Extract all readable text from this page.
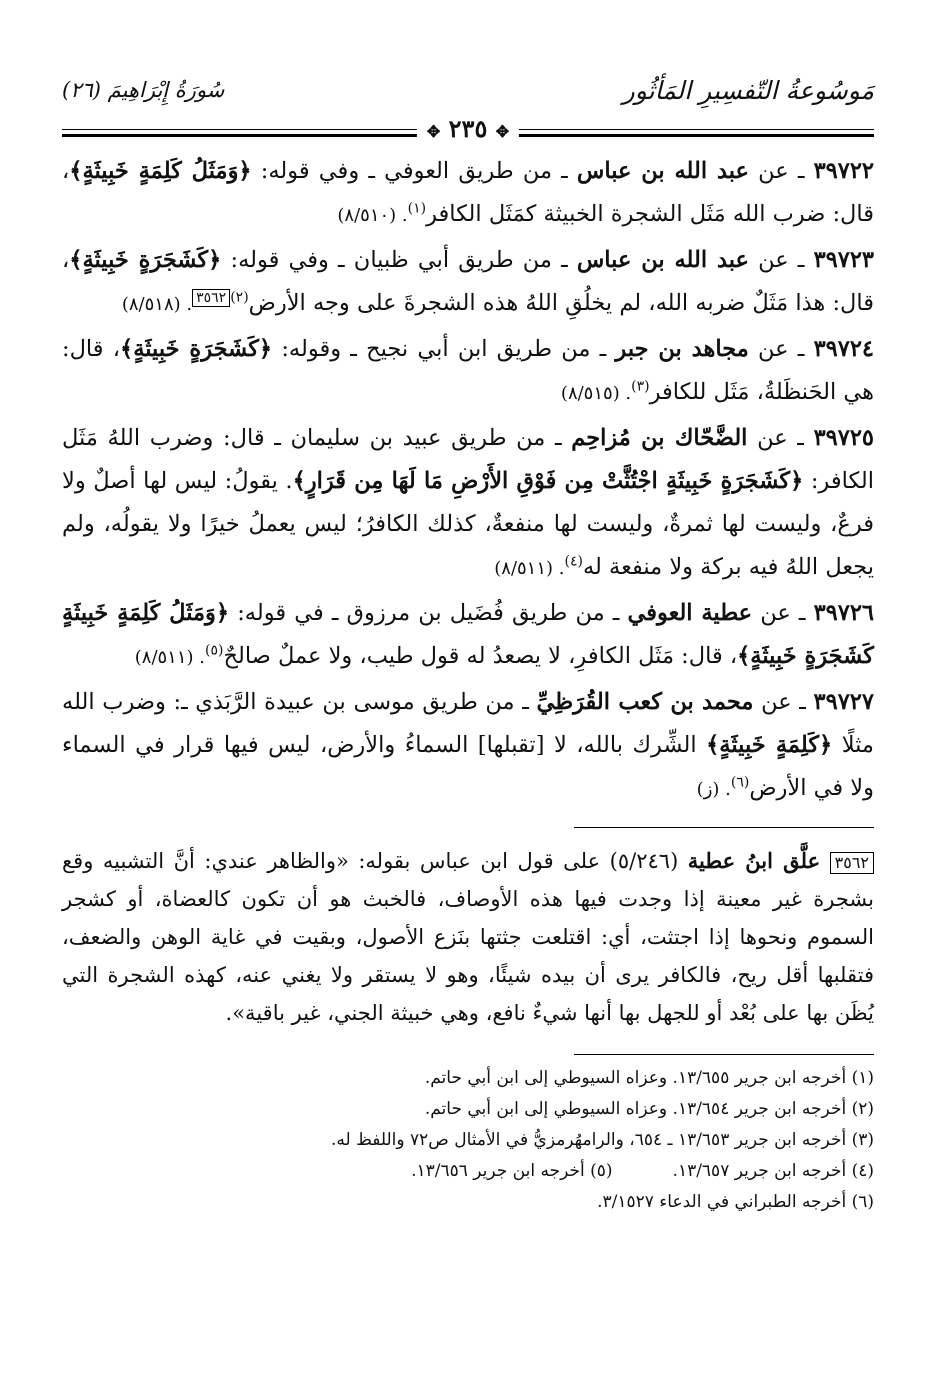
مَوسُوعةُ التّفسِيرِ المَأثُور
سُورَةُ إِبْرَاهِيمَ (٢٦)
✥ ٢٣٥ ✥

٣٩٧٢٢ ـ عن عبد الله بن عباس ـ من طريق العوفي ـ وفي قوله: ﴿وَمَثَلُ كَلِمَةٍ خَبِيثَةٍ﴾، قال: ضرب الله مَثَل الشجرة الخبيثة كمَثَل الكافر$^{(١)}$. (٨/٥١٠)

٣٩٧٢٣ ـ عن عبد الله بن عباس ـ من طريق أبي ظبيان ـ وفي قوله: ﴿كَشَجَرَةٍ خَبِيثَةٍ﴾، قال: هذا مَثَلٌ ضربه الله، لم يخلُقِ اللهُ هذه الشجرةَ على وجه الأرض$^{(٢)}$٣٥٦٢. (٨/٥١٨)

٣٩٧٢٤ ـ عن مجاهد بن جبر ـ من طريق ابن أبي نجيح ـ وقوله: ﴿كَشَجَرَةٍ خَبِيثَةٍ﴾، قال: هي الحَنظَلةُ، مَثَل للكافر$^{(٣)}$. (٨/٥١٥)

٣٩٧٢٥ ـ عن الضَّحّاك بن مُزاحِم ـ من طريق عبيد بن سليمان ـ قال: وضرب اللهُ مَثَل الكافر: ﴿كَشَجَرَةٍ خَبِيثَةٍ اجْتُثَّتْ مِن فَوْقِ الأَرْضِ مَا لَهَا مِن قَرَارٍ﴾. يقولُ: ليس لها أصلٌ ولا فرعٌ، وليست لها ثمرةٌ، وليست لها منفعةٌ، كذلك الكافرُ؛ ليس يعملُ خيرًا ولا يقولُه، ولم يجعل اللهُ فيه بركة ولا منفعة له$^{(٤)}$. (٨/٥١١)

٣٩٧٢٦ ـ عن عطية العوفي ـ من طريق فُضَيل بن مرزوق ـ في قوله: ﴿وَمَثَلُ كَلِمَةٍ خَبِيثَةٍ كَشَجَرَةٍ خَبِيثَةٍ﴾، قال: مَثَل الكافرِ، لا يصعدُ له قول طيب، ولا عملٌ صالحٌ$^{(٥)}$. (٨/٥١١)

٣٩٧٢٧ ـ عن محمد بن كعب القُرَظِيِّ ـ من طريق موسى بن عبيدة الرَّبَذي ـ: وضرب الله مثلًا ﴿كَلِمَةٍ خَبِيثَةٍ﴾ الشِّرك بالله، لا [تقبلها] السماءُ والأرض، ليس فيها قرار في السماء ولا في الأرض$^{(٦)}$. (ز)

٣٥٦٢ علَّق ابنُ عطية (٥/٢٤٦) على قول ابن عباس بقوله: «والظاهر عندي: أنَّ التشبيه وقع بشجرة غير معينة إذا وجدت فيها هذه الأوصاف، فالخبث هو أن تكون كالعضاة، أو كشجر السموم ونحوها إذا اجتثت، أي: اقتلعت جثتها بنَزع الأصول، وبقيت في غاية الوهن والضعف، فتقلبها أقل ريح، فالكافر يرى أن بيده شيئًا، وهو لا يستقر ولا يغني عنه، كهذه الشجرة التي يُظَن بها على بُعْد أو للجهل بها أنها شيءٌ نافع، وهي خبيثة الجني، غير باقية».
(١) أخرجه ابن جرير ١٣/٦٥٥. وعزاه السيوطي إلى ابن أبي حاتم.
(٢) أخرجه ابن جرير ١٣/٦٥٤. وعزاه السيوطي إلى ابن أبي حاتم.
(٣) أخرجه ابن جرير ١٣/٦٥٣ ـ ٦٥٤، والرامهُرمزيُّ في الأمثال ص٧٢ واللفظ له.
(٤) أخرجه ابن جرير ١٣/٦٥٧.
(٥) أخرجه ابن جرير ١٣/٦٥٦.
(٦) أخرجه الطبراني في الدعاء ٣/١٥٢٧.
